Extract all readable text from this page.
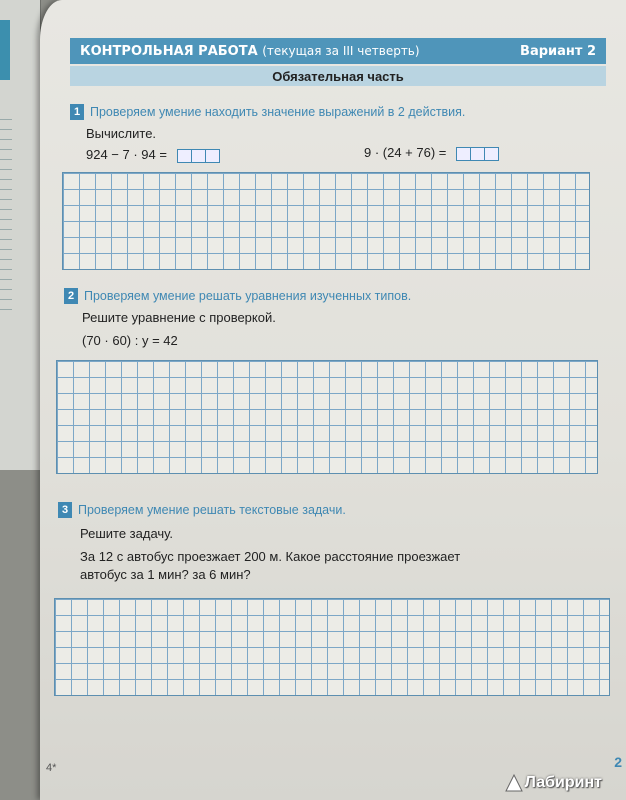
КОНТРОЛЬНАЯ РАБОТА (текущая за III четверть)	Вариант 2
Обязательная часть
1 Проверяем умение находить значение выражений в 2 действия.
Вычислите.
924 − 7 · 94 =	9 · (24 + 76) =
2 Проверяем умение решать уравнения изученных типов.
Решите уравнение с проверкой.
(70 · 60) : y = 42
3 Проверяем умение решать текстовые задачи.
Решите задачу.
За 12 с автобус проезжает 200 м. Какое расстояние проезжает
автобус за 1 мин? за 6 мин?
4*	2
Лабиринт
